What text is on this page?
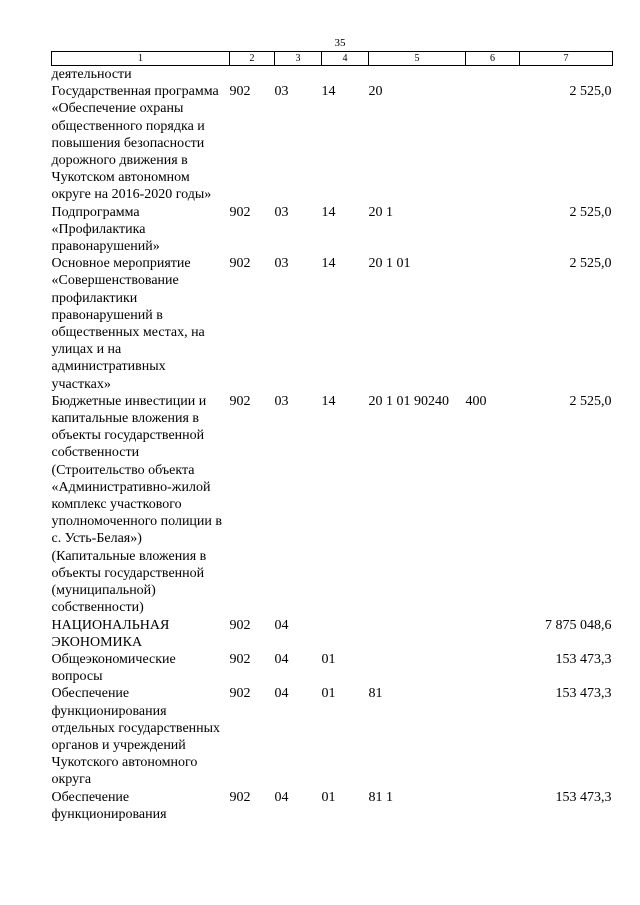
35
1	2	3	4	5	6	7
деятельности						
Государственная программа «Обеспечение охраны общественного порядка и повышения безопасности дорожного движения в Чукотском автономном округе на 2016-2020 годы»	902	03	14	20		2 525,0
Подпрограмма «Профилактика правонарушений»	902	03	14	20 1		2 525,0
Основное мероприятие «Совершенствование профилактики правонарушений в общественных местах, на улицах и на административных участках»	902	03	14	20 1 01		2 525,0
Бюджетные инвестиции и капитальные вложения в объекты государственной собственности (Строительство объекта «Административно-жилой комплекс участкового уполномоченного полиции в с. Усть-Белая») (Капитальные вложения в объекты государственной (муниципальной) собственности)	902	03	14	20 1 01 90240	400	2 525,0
НАЦИОНАЛЬНАЯ ЭКОНОМИКА	902	04				7 875 048,6
Общеэкономические вопросы	902	04	01			153 473,3
Обеспечение функционирования отдельных государственных органов и учреждений Чукотского автономного округа	902	04	01	81		153 473,3
Обеспечение функционирования	902	04	01	81 1		153 473,3
